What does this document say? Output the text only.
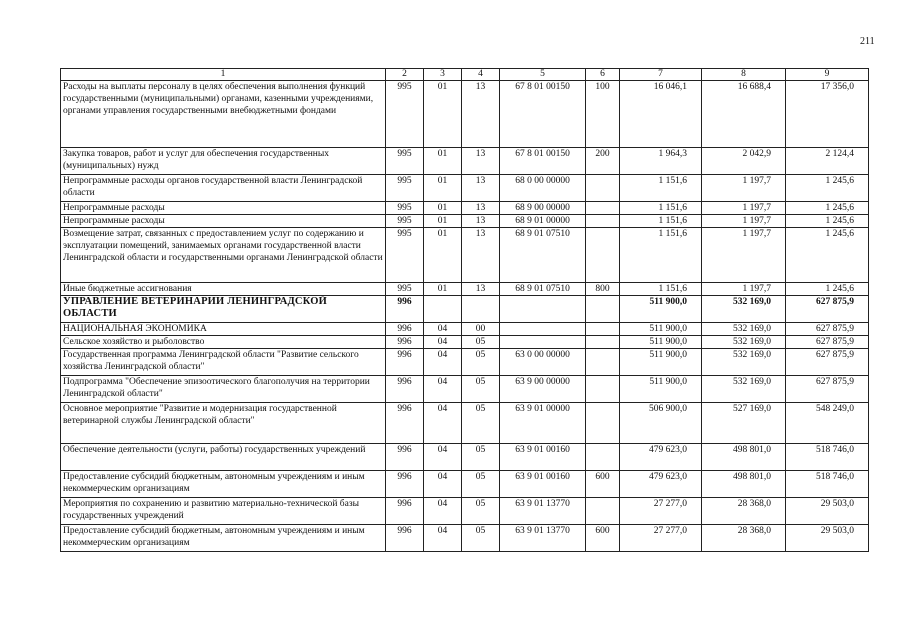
211
1	2	3	4	5	6	7	8	9
Расходы на выплаты персоналу в целях обеспечения выполнения функций государственными (муниципальными) органами, казенными учреждениями, органами управления государственными внебюджетными фондами	995	01	13	67 8 01 00150	100	16 046,1	16 688,4	17 356,0
Закупка товаров, работ и услуг для обеспечения государственных (муниципальных) нужд	995	01	13	67 8 01 00150	200	1 964,3	2 042,9	2 124,4
Непрограммные расходы органов государственной власти Ленинградской области	995	01	13	68 0 00 00000		1 151,6	1 197,7	1 245,6
Непрограммные расходы	995	01	13	68 9 00 00000		1 151,6	1 197,7	1 245,6
Непрограммные расходы	995	01	13	68 9 01 00000		1 151,6	1 197,7	1 245,6
Возмещение затрат, связанных с предоставлением услуг по содержанию и эксплуатации помещений, занимаемых органами государственной власти Ленинградской области и государственными органами Ленинградской области	995	01	13	68 9 01 07510		1 151,6	1 197,7	1 245,6
Иные бюджетные ассигнования	995	01	13	68 9 01 07510	800	1 151,6	1 197,7	1 245,6
УПРАВЛЕНИЕ ВЕТЕРИНАРИИ ЛЕНИНГРАДСКОЙ ОБЛАСТИ	996					511 900,0	532 169,0	627 875,9
НАЦИОНАЛЬНАЯ ЭКОНОМИКА	996	04	00			511 900,0	532 169,0	627 875,9
Сельское хозяйство и рыболовство	996	04	05			511 900,0	532 169,0	627 875,9
Государственная программа Ленинградской области "Развитие сельского хозяйства Ленинградской области"	996	04	05	63 0 00 00000		511 900,0	532 169,0	627 875,9
Подпрограмма "Обеспечение эпизоотического благополучия на территории Ленинградской области"	996	04	05	63 9 00 00000		511 900,0	532 169,0	627 875,9
Основное мероприятие "Развитие и модернизация государственной ветеринарной службы Ленинградской области"	996	04	05	63 9 01 00000		506 900,0	527 169,0	548 249,0
Обеспечение деятельности (услуги, работы) государственных учреждений	996	04	05	63 9 01 00160		479 623,0	498 801,0	518 746,0
Предоставление субсидий бюджетным, автономным учреждениям и иным некоммерческим организациям	996	04	05	63 9 01 00160	600	479 623,0	498 801,0	518 746,0
Мероприятия по сохранению и развитию материально-технической базы государственных учреждений	996	04	05	63 9 01 13770		27 277,0	28 368,0	29 503,0
Предоставление субсидий бюджетным, автономным учреждениям и иным некоммерческим организациям	996	04	05	63 9 01 13770	600	27 277,0	28 368,0	29 503,0
